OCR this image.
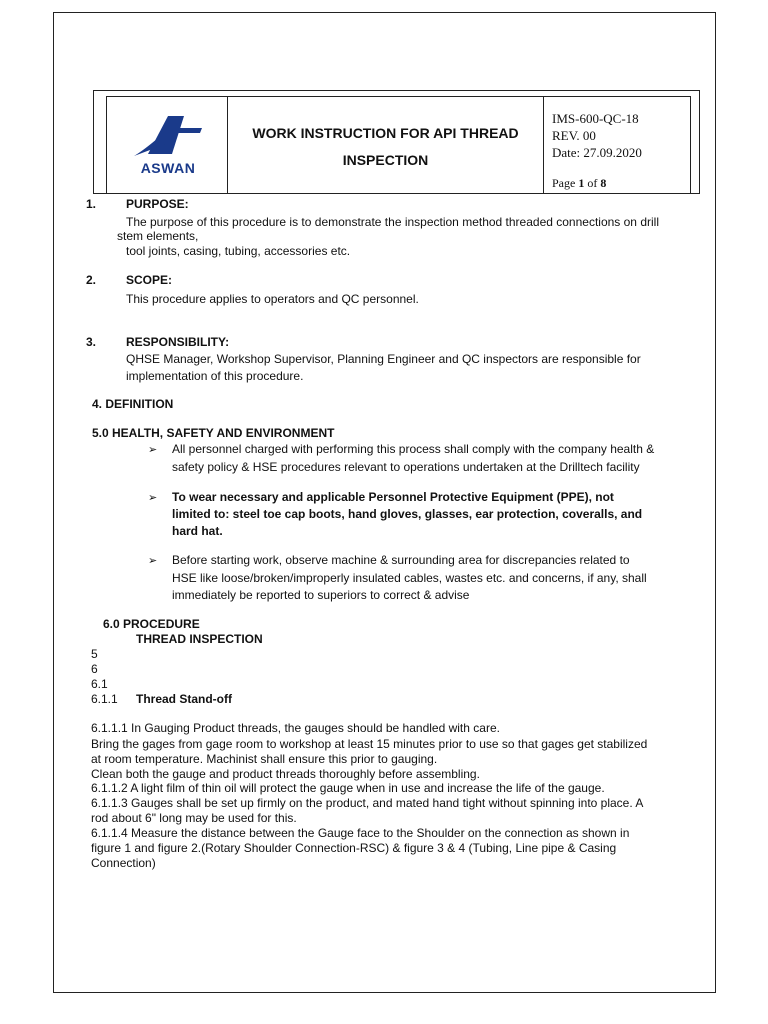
ASWAN
WORK INSTRUCTION FOR API THREAD
INSPECTION
IMS-600-QC-18
REV. 00
Date: 27.09.2020
Page 1 of 8
1. PURPOSE:
The purpose of this procedure is to demonstrate the inspection method threaded connections on drill
stem elements,
tool joints, casing, tubing, accessories etc.
2. SCOPE:
This procedure applies to operators and QC personnel.
3. RESPONSIBILITY:
QHSE Manager, Workshop Supervisor, Planning Engineer and QC inspectors are responsible for
implementation of this procedure.
4. DEFINITION
5.0 HEALTH, SAFETY AND ENVIRONMENT
➢ All personnel charged with performing this process shall comply with the company health &
safety policy & HSE procedures relevant to operations undertaken at the Drilltech facility
➢ To wear necessary and applicable Personnel Protective Equipment (PPE), not
limited to: steel toe cap boots, hand gloves, glasses, ear protection, coveralls, and
hard hat.
➢ Before starting work, observe machine & surrounding area for discrepancies related to
HSE like loose/broken/improperly insulated cables, wastes etc. and concerns, if any, shall
immediately be reported to superiors to correct & advise
6.0 PROCEDURE
THREAD INSPECTION
5
6
6.1
6.1.1 Thread Stand-off
6.1.1.1 In Gauging Product threads, the gauges should be handled with care.
Bring the gages from gage room to workshop at least 15 minutes prior to use so that gages get stabilized
at room temperature. Machinist shall ensure this prior to gauging.
Clean both the gauge and product threads thoroughly before assembling.
6.1.1.2 A light film of thin oil will protect the gauge when in use and increase the life of the gauge.
6.1.1.3 Gauges shall be set up firmly on the product, and mated hand tight without spinning into place. A
rod about 6" long may be used for this.
6.1.1.4 Measure the distance between the Gauge face to the Shoulder on the connection as shown in
figure 1 and figure 2.(Rotary Shoulder Connection-RSC) & figure 3 & 4 (Tubing, Line pipe & Casing
Connection)
